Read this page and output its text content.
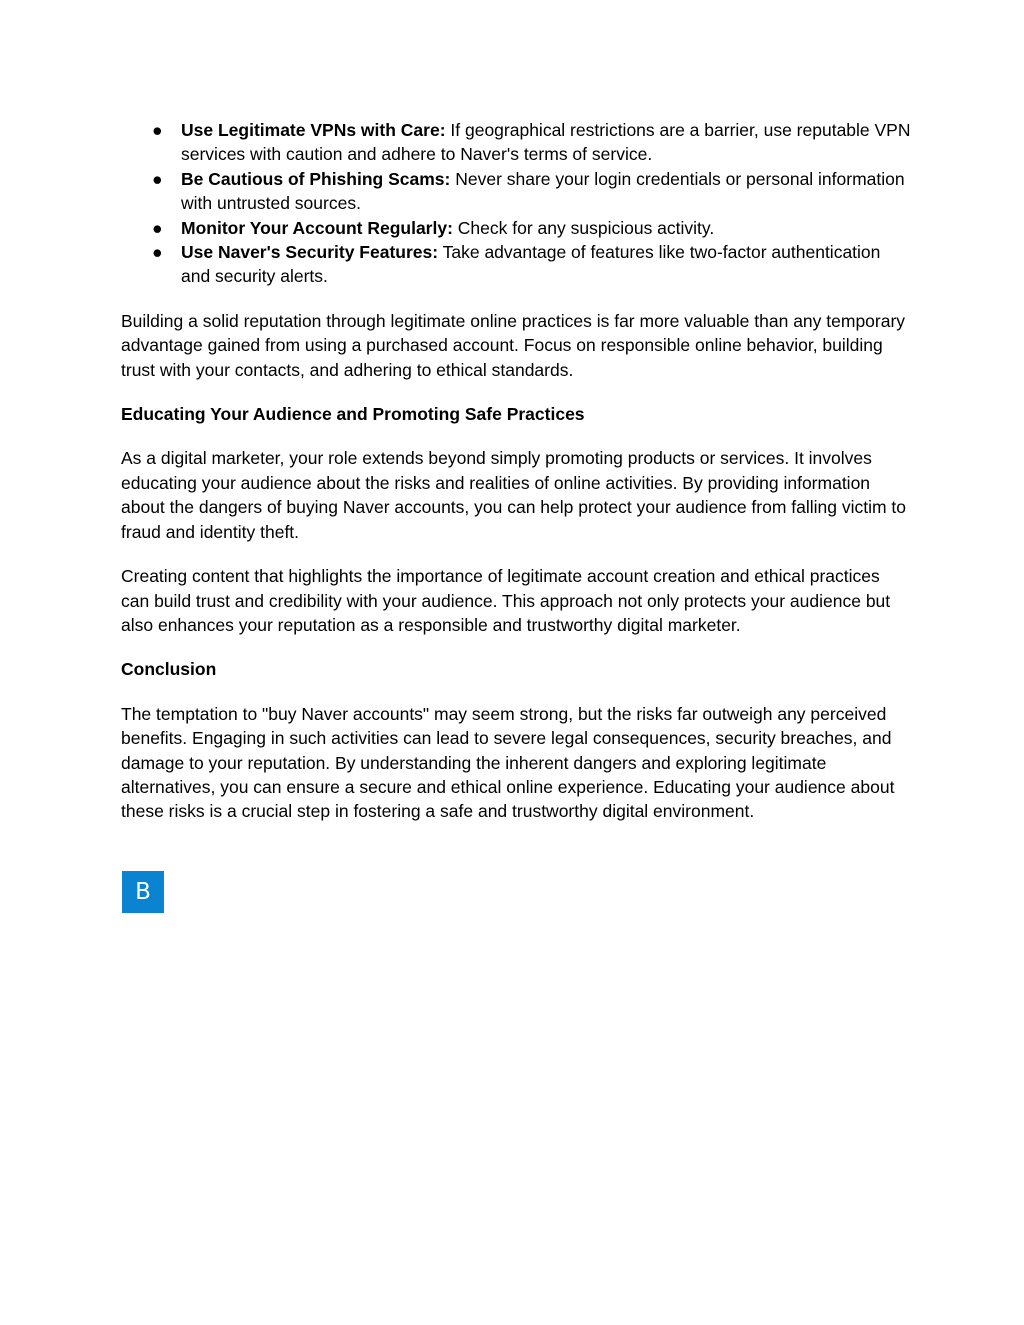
● Use Legitimate VPNs with Care: If geographical restrictions are a barrier, use reputable VPN services with caution and adhere to Naver's terms of service.
● Be Cautious of Phishing Scams: Never share your login credentials or personal information with untrusted sources.
● Monitor Your Account Regularly: Check for any suspicious activity.
● Use Naver's Security Features: Take advantage of features like two-factor authentication and security alerts.

Building a solid reputation through legitimate online practices is far more valuable than any temporary advantage gained from using a purchased account. Focus on responsible online behavior, building trust with your contacts, and adhering to ethical standards.

Educating Your Audience and Promoting Safe Practices

As a digital marketer, your role extends beyond simply promoting products or services. It involves educating your audience about the risks and realities of online activities. By providing information about the dangers of buying Naver accounts, you can help protect your audience from falling victim to fraud and identity theft.

Creating content that highlights the importance of legitimate account creation and ethical practices can build trust and credibility with your audience. This approach not only protects your audience but also enhances your reputation as a responsible and trustworthy digital marketer.

Conclusion

The temptation to "buy Naver accounts" may seem strong, but the risks far outweigh any perceived benefits. Engaging in such activities can lead to severe legal consequences, security breaches, and damage to your reputation. By understanding the inherent dangers and exploring legitimate alternatives, you can ensure a secure and ethical online experience. Educating your audience about these risks is a crucial step in fostering a safe and trustworthy digital environment.

B
